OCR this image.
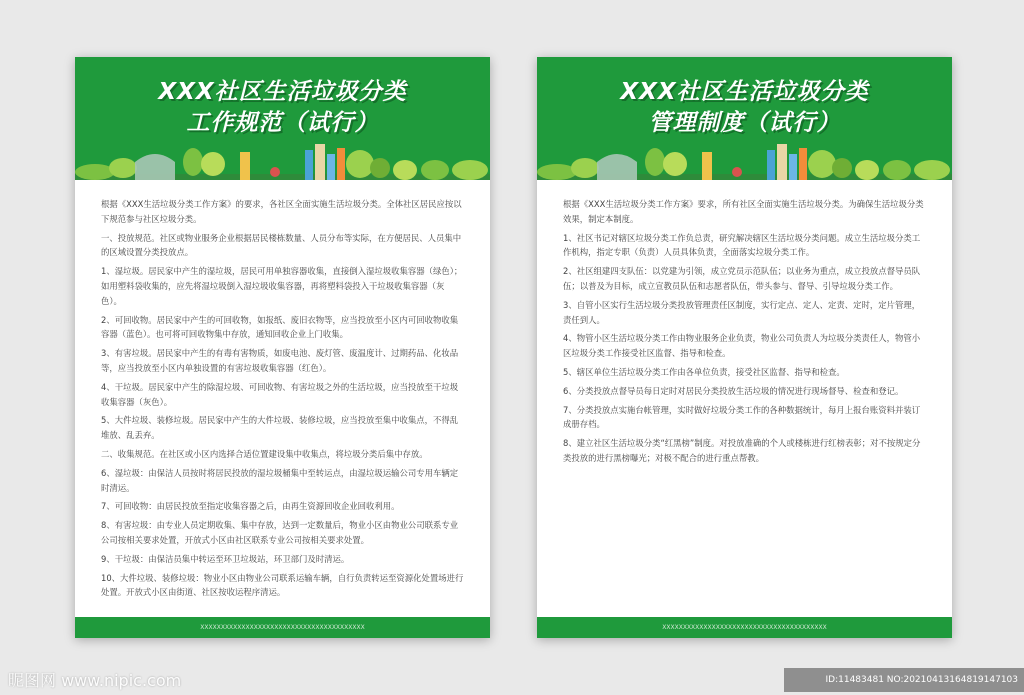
XXX社区生活垃圾分类
工作规范（试行）
根据《XXX生活垃圾分类工作方案》的要求，各社区全面实施生活垃圾分类。全体社区居民应按以下规范参与社区垃圾分类。
一、投放规范。社区或物业服务企业根据居民楼栋数量、人员分布等实际，在方便居民、人员集中的区域设置分类投放点。
1、湿垃圾。居民家中产生的湿垃圾，居民可用单独容器收集，直接倒入湿垃圾收集容器（绿色）；如用塑料袋收集的，应先将湿垃圾倒入湿垃圾收集容器，再将塑料袋投入干垃圾收集容器（灰色）。
2、可回收物。居民家中产生的可回收物，如报纸、废旧衣物等，应当投放至小区内可回收物收集容器（蓝色）。也可将可回收物集中存放，通知回收企业上门收集。
3、有害垃圾。居民家中产生的有毒有害物质，如废电池、废灯管、废温度计、过期药品、化妆品等，应当投放至小区内单独设置的有害垃圾收集容器（红色）。
4、干垃圾。居民家中产生的除湿垃圾、可回收物、有害垃圾之外的生活垃圾，应当投放至干垃圾收集容器（灰色）。
5、大件垃圾、装修垃圾。居民家中产生的大件垃圾、装修垃圾，应当投放至集中收集点，不得乱堆放、乱丢弃。
二、收集规范。在社区或小区内选择合适位置建设集中收集点，将垃圾分类后集中存放。
6、湿垃圾：由保洁人员按时将居民投放的湿垃圾桶集中至转运点，由湿垃圾运输公司专用车辆定时清运。
7、可回收物：由居民投放至指定收集容器之后，由再生资源回收企业回收利用。
8、有害垃圾：由专业人员定期收集、集中存放，达到一定数量后，物业小区由物业公司联系专业公司按相关要求处置，开放式小区由社区联系专业公司按相关要求处置。
9、干垃圾：由保洁员集中转运至环卫垃圾站，环卫部门及时清运。
10、大件垃圾、装修垃圾：物业小区由物业公司联系运输车辆，自行负责转运至资源化处置场进行处置。开放式小区由街道、社区按收运程序清运。
XXXXXXXXXXXXXXXXXXXXXXXXXXXXXXXXXXXXXXXX
XXX社区生活垃圾分类
管理制度（试行）
根据《XXX生活垃圾分类工作方案》要求，所有社区全面实施生活垃圾分类。为确保生活垃圾分类效果，制定本制度。
1、社区书记对辖区垃圾分类工作负总责，研究解决辖区生活垃圾分类问题。成立生活垃圾分类工作机构，指定专职（负责）人员具体负责，全面落实垃圾分类工作。
2、社区组建四支队伍：以党建为引领，成立党员示范队伍；以业务为重点，成立投放点督导员队伍；以普及为目标，成立宣教员队伍和志愿者队伍，带头参与、督导、引导垃圾分类工作。
3、自管小区实行生活垃圾分类投放管理责任区制度，实行定点、定人、定责、定时，定片管理，责任到人。
4、物管小区生活垃圾分类工作由物业服务企业负责，物业公司负责人为垃圾分类责任人，物管小区垃圾分类工作接受社区监督、指导和检查。
5、辖区单位生活垃圾分类工作由各单位负责，接受社区监督、指导和检查。
6、分类投放点督导员每日定时对居民分类投放生活垃圾的情况进行现场督导、检查和登记。
7、分类投放点实施台帐管理，实时做好垃圾分类工作的各种数据统计，每月上报台账资料并装订成册存档。
8、建立社区生活垃圾分类“红黑榜”制度。对投放准确的个人或楼栋进行红榜表彰；对不按规定分类投放的进行黑榜曝光；对极不配合的进行重点帮教。
XXXXXXXXXXXXXXXXXXXXXXXXXXXXXXXXXXXXXXXX
昵图网 www.nipic.com	ID:11483481 NO:20210413164819147103
